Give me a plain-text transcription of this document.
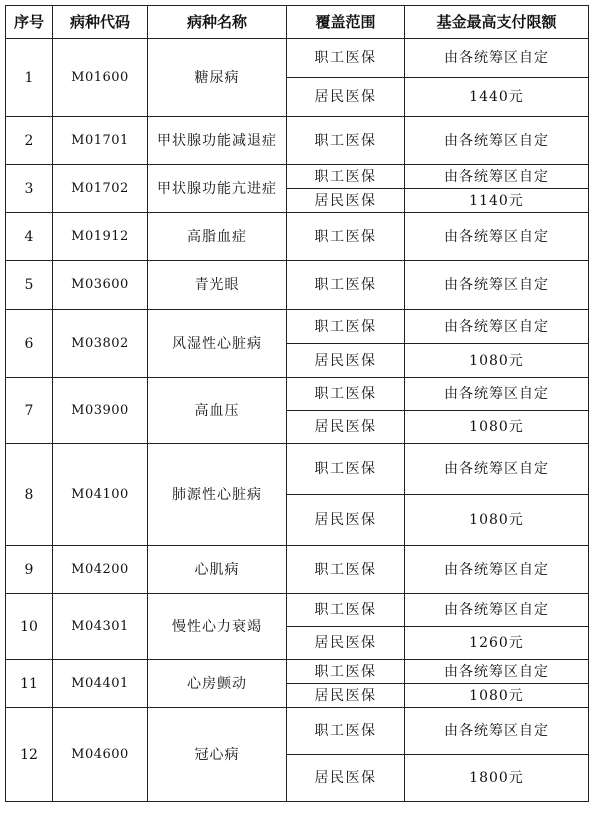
序号	病种代码	病种名称	覆盖范围	基金最高支付限额
1	M01600	糖尿病	职工医保	由各统筹区自定
			居民医保	1440元
2	M01701	甲状腺功能减退症	职工医保	由各统筹区自定
3	M01702	甲状腺功能亢进症	职工医保	由各统筹区自定
			居民医保	1140元
4	M01912	高脂血症	职工医保	由各统筹区自定
5	M03600	青光眼	职工医保	由各统筹区自定
6	M03802	风湿性心脏病	职工医保	由各统筹区自定
			居民医保	1080元
7	M03900	高血压	职工医保	由各统筹区自定
			居民医保	1080元
8	M04100	肺源性心脏病	职工医保	由各统筹区自定
			居民医保	1080元
9	M04200	心肌病	职工医保	由各统筹区自定
10	M04301	慢性心力衰竭	职工医保	由各统筹区自定
			居民医保	1260元
11	M04401	心房颤动	职工医保	由各统筹区自定
			居民医保	1080元
12	M04600	冠心病	职工医保	由各统筹区自定
			居民医保	1800元
